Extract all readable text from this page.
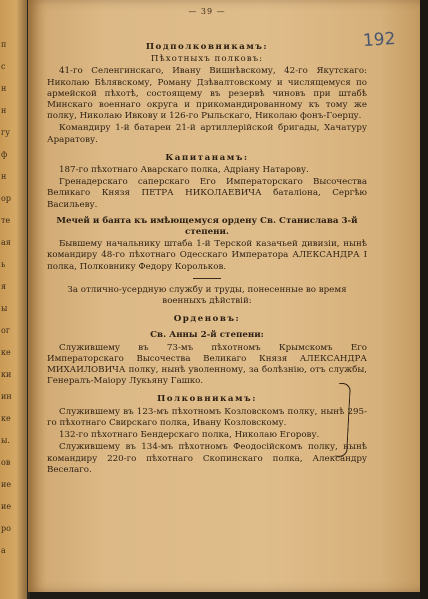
п
с
н
н
гу
ф
н
ор
те
ая
ь
я
ы
ог
ке
ки
ин
ке
ы.
ов
ие
ие
ро
а
— 39 —
Подполковникамъ:
Пѣхотныхъ полковъ:
41-го Селенгинскаго, Ивану Вишнѣвскому, 42-го Якутскаго: Николаю Бѣлявскому, Роману Дзѣвалтовскому и числящемуся по армейской пѣхотѣ, состоящему въ резервѣ чиновъ при штабѣ Минскаго военнаго округа и прикомандированному къ тому же полку, Николаю Ивкову и 126-го Рыльскаго, Николаю фонъ-Гоерцу.
Командиру 1-й батареи 21-й артиллерійской бригады, Хачатуру Араратову.
Капитанамъ:
187-го пѣхотнаго Аварскаго полка, Адріану Натарову.
Гренадерскаго саперскаго Его Императорскаго Высочества Великаго Князя ПЕТРА НИКОЛАЕВИЧА баталіона, Сергѣю Васильеву.
Мечей и банта къ имѣющемуся ордену Св. Станислава 3-й степени.
Бывшему начальнику штаба 1-й Терской казачьей дивизіи, нынѣ командиру 48-го пѣхотнаго Одесскаго Императора АЛЕКСАНДРА I полка, Полковнику Федору Корольков.
За отлично-усердную службу и труды, понесенные во время военныхъ дѣйствій:
Орденовъ:
Св. Анны 2-й степени:
Служившему въ 73-мъ пѣхотномъ Крымскомъ Его Императорскаго Высочества Великаго Князя АЛЕКСАНДРА МИХАИЛОВИЧА полку, нынѣ уволенному, за болѣзнію, отъ службы, Генералъ-Маіору Лукьяну Гашко.
Полковникамъ:
Служившему въ 123-мъ пѣхотномъ Козловскомъ полку, нынѣ 295-го пѣхотнаго Свирскаго полка, Ивану Козловскому.
132-го пѣхотнаго Бендерскаго полка, Николаю Егорову.
Служившему въ 134-мъ пѣхотномъ Феодосійскомъ полку, нынѣ командиру 220-го пѣхотнаго Скопинскаго полка, Александру Веселаго.
192
